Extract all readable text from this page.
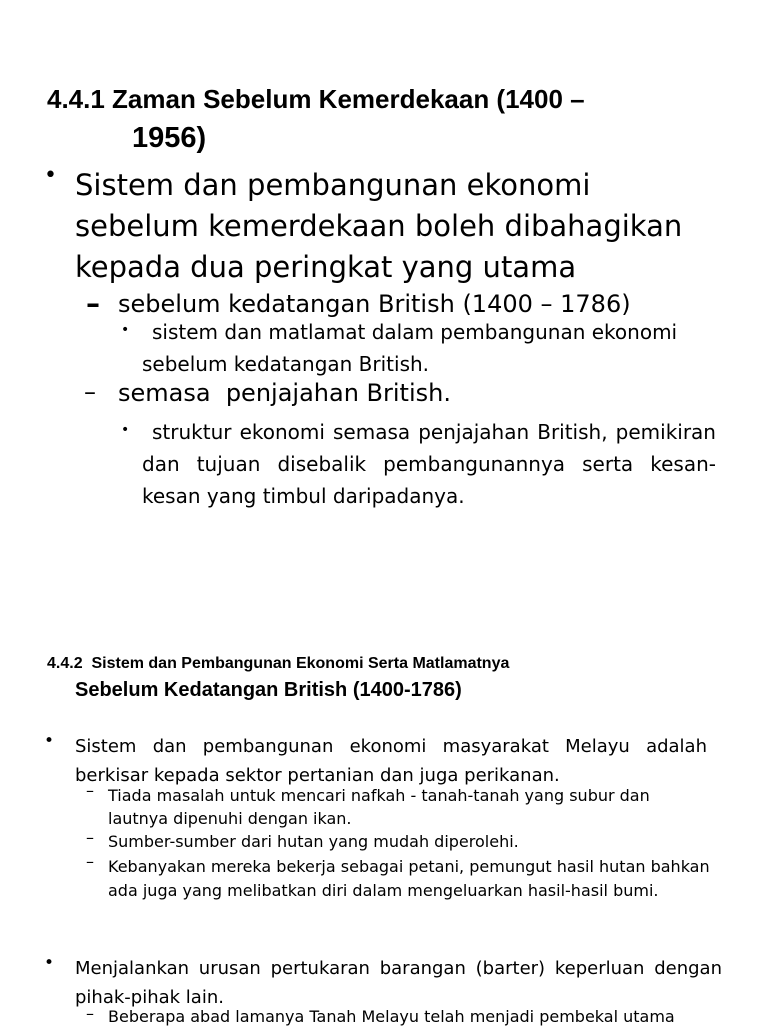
4.4.1 Zaman Sebelum Kemerdekaan (1400 –
1956)
• Sistem dan pembangunan ekonomi sebelum kemerdekaan boleh dibahagikan kepada dua peringkat yang utama
– sebelum kedatangan British (1400 – 1786)
•	sistem dan matlamat dalam pembangunan ekonomi sebelum kedatangan British.
– semasa  penjajahan British.
•	struktur ekonomi semasa penjajahan British, pemikiran dan tujuan disebalik pembangunannya serta kesan-kesan yang timbul daripadanya.
4.4.2  Sistem dan Pembangunan Ekonomi Serta Matlamatnya
Sebelum Kedatangan British (1400-1786)
• Sistem dan pembangunan ekonomi masyarakat Melayu adalah berkisar kepada sektor pertanian dan juga perikanan.
– Tiada masalah untuk mencari nafkah - tanah-tanah yang subur dan lautnya dipenuhi dengan ikan.
– Sumber-sumber dari hutan yang mudah diperolehi.
– Kebanyakan mereka bekerja sebagai petani, pemungut hasil hutan bahkan ada juga yang melibatkan diri dalam mengeluarkan hasil-hasil bumi.
• Menjalankan urusan pertukaran barangan (barter) keperluan dengan pihak-pihak lain.
– Beberapa abad lamanya Tanah Melayu telah menjadi pembekal utama
